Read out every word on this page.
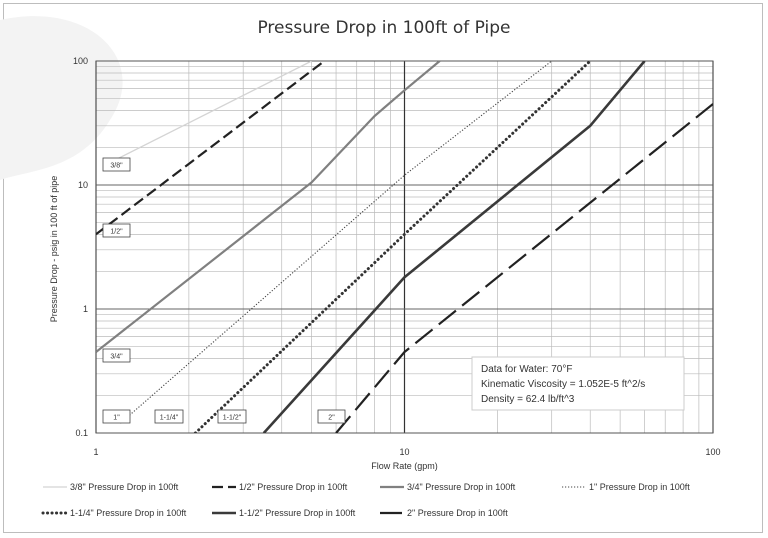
Pressure Drop in 100ft of Pipe
1	10	100
0.1
1
10
100
Flow Rate (gpm)
Pressure Drop - psig in 100 ft of pipe
3/8"
1/2"
3/4"
1"	1-1/4"	1-1/2"	2"
Data for Water: 70°F
Kinematic Viscosity = 1.052E-5 ft^2/s
Density = 62.4 lb/ft^3
3/8" Pressure Drop in 100ft	1/2" Pressure Drop in 100ft	3/4" Pressure Drop in 100ft	1" Pressure Drop in 100ft
1-1/4" Pressure Drop in 100ft	1-1/2" Pressure Drop in 100ft	2" Pressure Drop in 100ft
